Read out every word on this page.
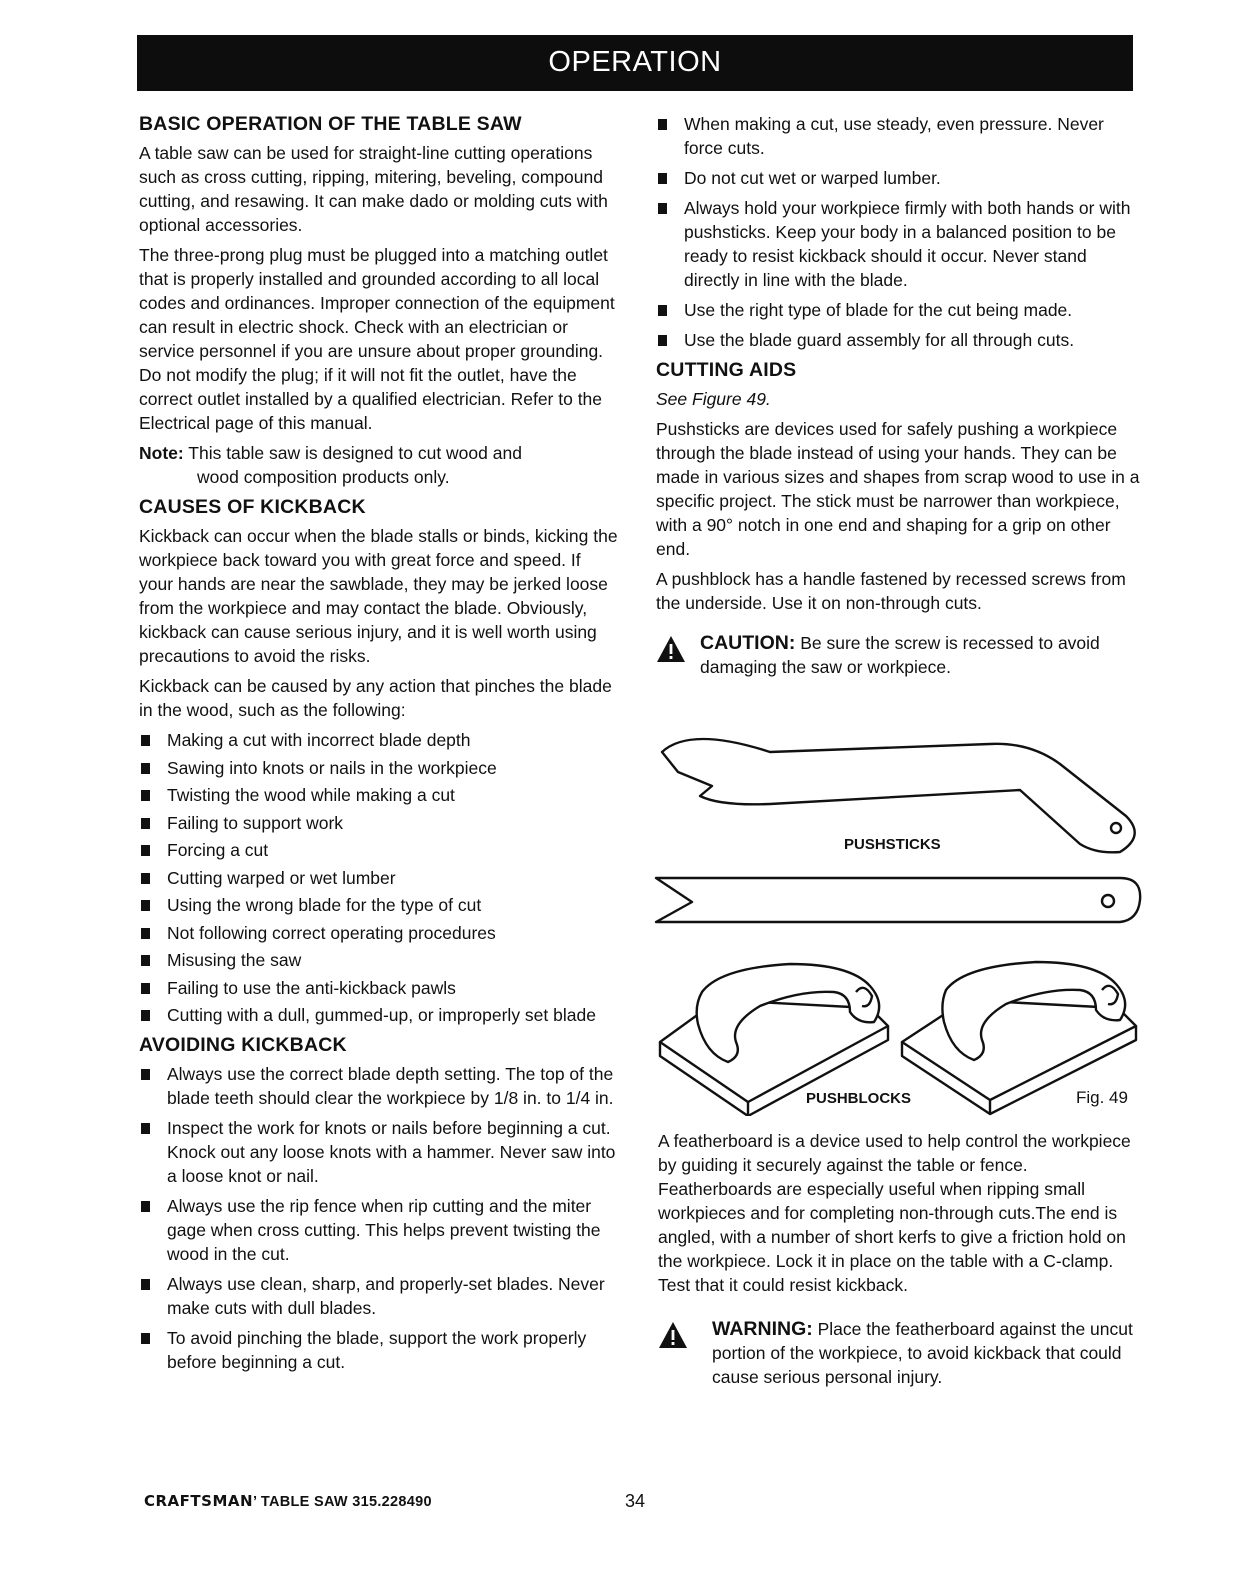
OPERATION
BASIC OPERATION OF THE TABLE SAW

A table saw can be used for straight-line cutting operations such as cross cutting, ripping, mitering, beveling, compound cutting, and resawing. It can make dado or molding cuts with optional accessories.

The three-prong plug must be plugged into a matching outlet that is properly installed and grounded according to all local codes and ordinances. Improper connection of the equipment can result in electric shock. Check with an electrician or service personnel if you are unsure about proper grounding. Do not modify the plug; if it will not fit the outlet, have the correct outlet installed by a qualified electrician. Refer to the Electrical page of this manual.

Note: This table saw is designed to cut wood and
wood composition products only.
CAUSES OF KICKBACK

Kickback can occur when the blade stalls or binds, kicking the workpiece back toward you with great force and speed. If your hands are near the sawblade, they may be jerked loose from the workpiece and may contact the blade. Obviously, kickback can cause serious injury, and it is well worth using precautions to avoid the risks.

Kickback can be caused by any action that pinches the blade in the wood, such as the following:

Making a cut with incorrect blade depth
Sawing into knots or nails in the workpiece
Twisting the wood while making a cut
Failing to support work
Forcing a cut
Cutting warped or wet lumber
Using the wrong blade for the type of cut
Not following correct operating procedures
Misusing the saw
Failing to use the anti-kickback pawls
Cutting with a dull, gummed-up, or improperly set blade
AVOIDING KICKBACK
Always use the correct blade depth setting. The top of the blade teeth should clear the workpiece by 1/8 in. to 1/4 in.
Inspect the work for knots or nails before beginning a cut. Knock out any loose knots with a hammer. Never saw into a loose knot or nail.
Always use the rip fence when rip cutting and the miter gage when cross cutting. This helps prevent twisting the wood in the cut.
Always use clean, sharp, and properly-set blades. Never make cuts with dull blades.
To avoid pinching the blade, support the work properly before beginning a cut.
When making a cut, use steady, even pressure. Never force cuts.
Do not cut wet or warped lumber.
Always hold your workpiece firmly with both hands or with pushsticks. Keep your body in a balanced position to be ready to resist kickback should it occur. Never stand directly in line with the blade.
Use the right type of blade for the cut being made.
Use the blade guard assembly for all through cuts.
CUTTING AIDS

See Figure 49.

Pushsticks are devices used for safely pushing a workpiece through the blade instead of using your hands. They can be made in various sizes and shapes from scrap wood to use in a specific project. The stick must be narrower than workpiece, with a 90° notch in one end and shaping for a grip on other end.

A pushblock has a handle fastened by recessed screws from the underside. Use it on non-through cuts.

CAUTION: Be sure the screw is recessed to avoid damaging the saw or workpiece.
PUSHSTICKS
PUSHBLOCKS	Fig. 49

A featherboard is a device used to help control the workpiece by guiding it securely against the table or fence. Featherboards are especially useful when ripping small workpieces and for completing non-through cuts.The end is angled, with a number of short kerfs to give a friction hold on the workpiece. Lock it in place on the table with a C-clamp. Test that it could resist kickback.

WARNING: Place the featherboard against the uncut portion of the workpiece, to avoid kickback that could cause serious personal injury.
CRAFTSMAN’ TABLE SAW 315.228490	34
